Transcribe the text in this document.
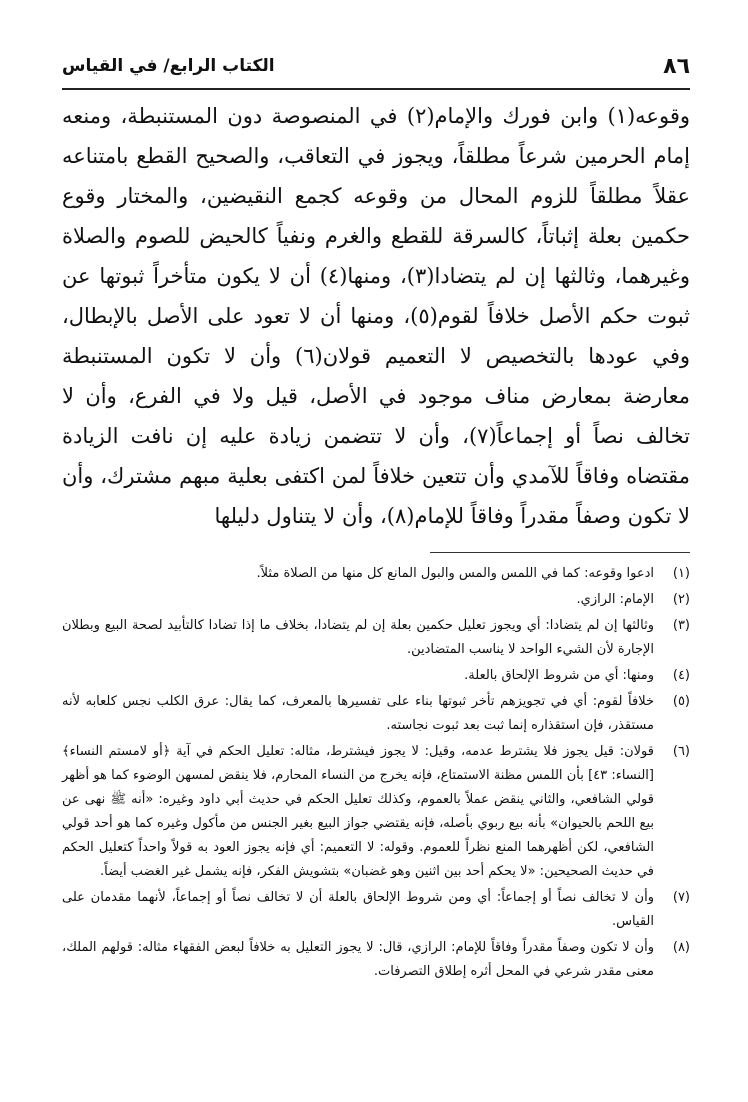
٨٦
الكتاب الرابع/ في القياس
وقوعه(١) وابن فورك والإمام(٢) في المنصوصة دون المستنبطة، ومنعه إمام الحرمين شرعاً مطلقاً، ويجوز في التعاقب، والصحيح القطع بامتناعه عقلاً مطلقاً للزوم المحال من وقوعه كجمع النقيضين، والمختار وقوع حكمين بعلة إثباتاً، كالسرقة للقطع والغرم ونفياً كالحيض للصوم والصلاة وغيرهما، وثالثها إن لم يتضادا(٣)، ومنها(٤) أن لا يكون متأخراً ثبوتها عن ثبوت حكم الأصل خلافاً لقوم(٥)، ومنها أن لا تعود على الأصل بالإبطال، وفي عودها بالتخصيص لا التعميم قولان(٦) وأن لا تكون المستنبطة معارضة بمعارض مناف موجود في الأصل، قيل ولا في الفرع، وأن لا تخالف نصاً أو إجماعاً(٧)، وأن لا تتضمن زيادة عليه إن نافت الزيادة مقتضاه وفاقاً للآمدي وأن تتعين خلافاً لمن اكتفى بعلية مبهم مشترك، وأن لا تكون وصفاً مقدراً وفاقاً للإمام(٨)، وأن لا يتناول دليلها
(١)
ادعوا وقوعه: كما في اللمس والمس والبول المانع كل منها من الصلاة مثلاً.
(٢)
الإمام: الرازي.
(٣)
وثالثها إن لم يتضادا: أي ويجوز تعليل حكمين بعلة إن لم يتضادا، بخلاف ما إذا تضادا كالتأبيد لصحة البيع وبطلان الإجارة لأن الشيء الواحد لا يناسب المتضادين.
(٤)
ومنها: أي من شروط الإلحاق بالعلة.
(٥)
خلافاً لقوم: أي في تجويزهم تأخر ثبوتها بناء على تفسيرها بالمعرف، كما يقال: عرق الكلب نجس كلعابه لأنه مستقذر، فإن استقذاره إنما ثبت بعد ثبوت نجاسته.
(٦)
قولان: قيل يجوز فلا يشترط عدمه، وقيل: لا يجوز فيشترط، مثاله: تعليل الحكم في آية ﴿أو لامستم النساء﴾ [النساء: ٤٣] بأن اللمس مظنة الاستمتاع، فإنه يخرج من النساء المحارم، فلا ينقض لمسهن الوضوء كما هو أظهر قولي الشافعي، والثاني ينقض عملاً بالعموم، وكذلك تعليل الحكم في حديث أبي داود وغيره: «أنه ﷺ نهى عن بيع اللحم بالحيوان» بأنه بيع ربوي بأصله، فإنه يقتضي جواز البيع بغير الجنس من مأكول وغيره كما هو أحد قولي الشافعي، لكن أظهرهما المنع نظراً للعموم. وقوله: لا التعميم: أي فإنه يجوز العود به قولاً واحداً كتعليل الحكم في حديث الصحيحين: «لا يحكم أحد بين اثنين وهو غضبان» بتشويش الفكر، فإنه يشمل غير الغضب أيضاً.
(٧)
وأن لا تخالف نصاً أو إجماعاً: أي ومن شروط الإلحاق بالعلة أن لا تخالف نصاً أو إجماعاً، لأنهما مقدمان على القياس.
(٨)
وأن لا تكون وصفاً مقدراً وفاقاً للإمام: الرازي، قال: لا يجوز التعليل به خلافاً لبعض الفقهاء مثاله: قولهم الملك، معنى مقدر شرعي في المحل أثره إطلاق التصرفات.
